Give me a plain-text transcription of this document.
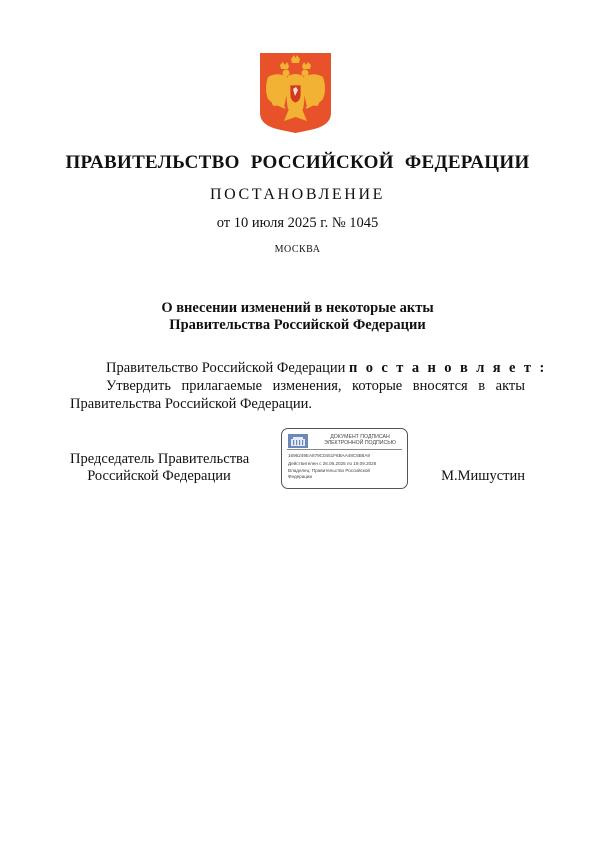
ПРАВИТЕЛЬСТВО РОССИЙСКОЙ ФЕДЕРАЦИИ
ПОСТАНОВЛЕНИЕ
от 10 июля 2025 г. № 1045
МОСКВА
О внесении изменений в некоторые акты
Правительства Российской Федерации
Правительство Российской Федерации п о с т а н о в л я е т :
Утвердить прилагаемые изменения, которые вносятся в акты
Правительства Российской Федерации.
Председатель Правительства
Российской Федерации
ДОКУМЕНТ ПОДПИСАН
ЭЛЕКТРОННОЙ ПОДПИСЬЮ
1696249EA879C0451F6BAA48C6B8A9
Действителен с 26.06.2025 по 19.09.2026
Владелец: Правительство Российской
Федерации	М.Мишустин
